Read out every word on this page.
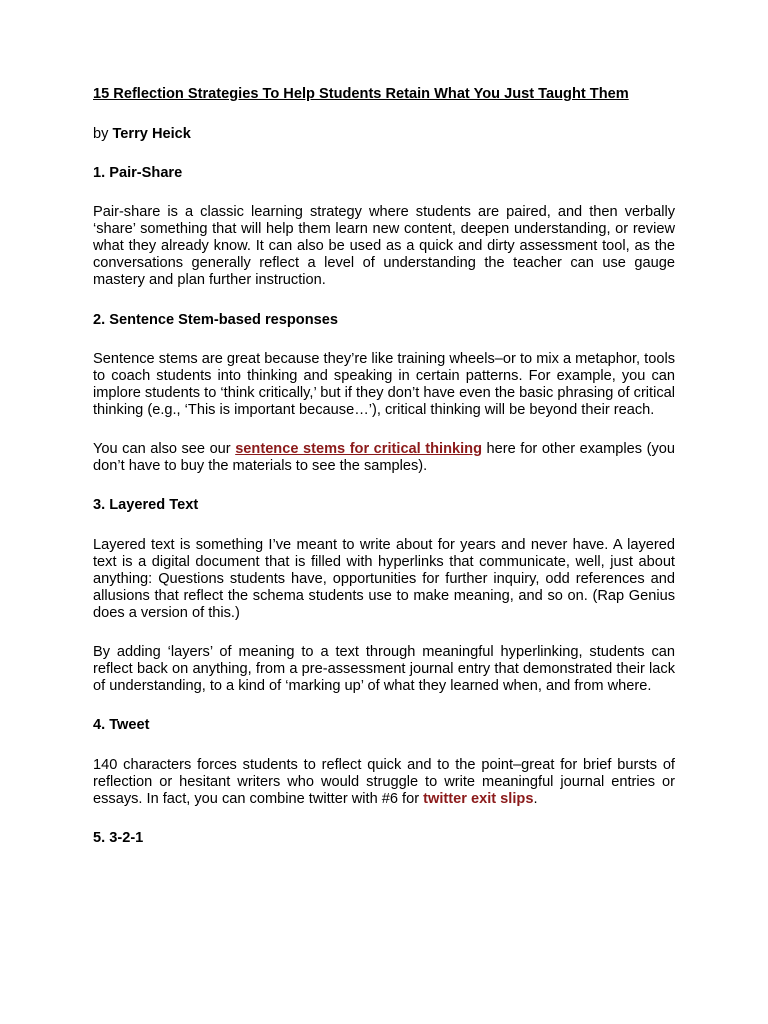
15 Reflection Strategies To Help Students Retain What You Just Taught Them

by Terry Heick

1. Pair-Share

Pair-share is a classic learning strategy where students are paired, and then verbally ‘share’ something that will help them learn new content, deepen understanding, or review what they already know. It can also be used as a quick and dirty assessment tool, as the conversations generally reflect a level of understanding the teacher can use gauge mastery and plan further instruction.

2. Sentence Stem-based responses

Sentence stems are great because they’re like training wheels–or to mix a metaphor, tools to coach students into thinking and speaking in certain patterns. For example, you can implore students to ‘think critically,’ but if they don’t have even the basic phrasing of critical thinking (e.g., ‘This is important because…’), critical thinking will be beyond their reach.

You can also see our sentence stems for critical thinking here for other examples (you don’t have to buy the materials to see the samples).

3. Layered Text

Layered text is something I’ve meant to write about for years and never have. A layered text is a digital document that is filled with hyperlinks that communicate, well, just about anything: Questions students have, opportunities for further inquiry, odd references and allusions that reflect the schema students use to make meaning, and so on. (Rap Genius does a version of this.)

By adding ‘layers’ of meaning to a text through meaningful hyperlinking, students can reflect back on anything, from a pre-assessment journal entry that demonstrated their lack of understanding, to a kind of ‘marking up’ of what they learned when, and from where.

4. Tweet

140 characters forces students to reflect quick and to the point–great for brief bursts of reflection or hesitant writers who would struggle to write meaningful journal entries or essays. In fact, you can combine twitter with #6 for twitter exit slips.

5. 3-2-1
